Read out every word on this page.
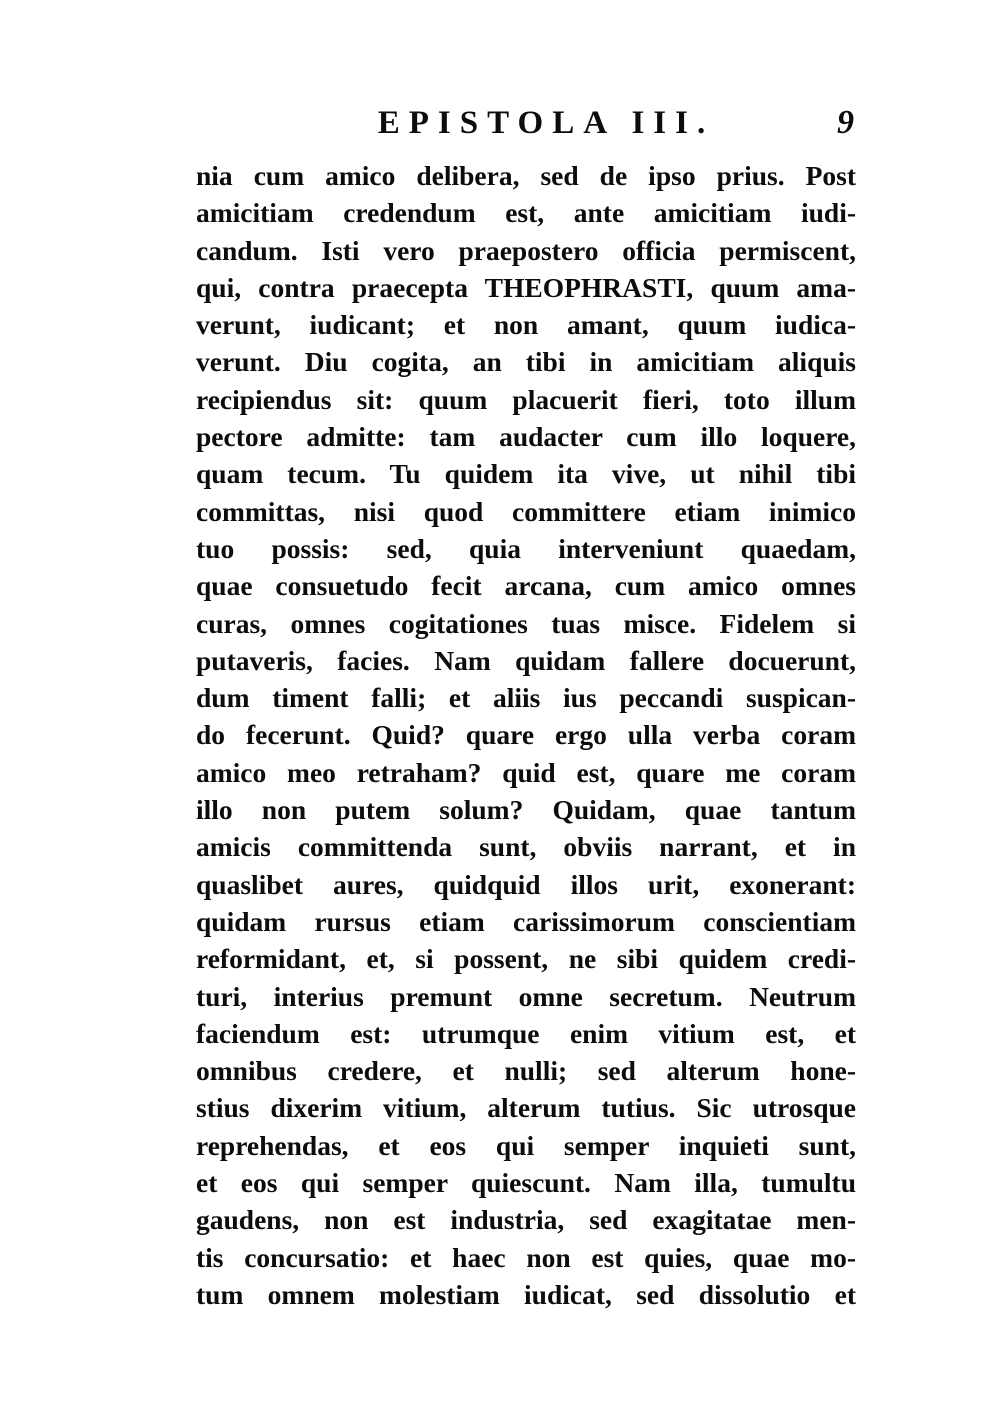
EPISTOLA III.	9
nia cum amico delibera, sed de ipso prius. Post
amicitiam credendum est, ante amicitiam iudi-
candum. Isti vero praepostero officia permiscent,
qui, contra praecepta THEOPHRASTI, quum ama-
verunt, iudicant; et non amant, quum iudica-
verunt. Diu cogita, an tibi in amicitiam aliquis
recipiendus sit: quum placuerit fieri, toto illum
pectore admitte: tam audacter cum illo loquere,
quam tecum. Tu quidem ita vive, ut nihil tibi
committas, nisi quod committere etiam inimico
tuo possis: sed, quia interveniunt quaedam,
quae consuetudo fecit arcana, cum amico omnes
curas, omnes cogitationes tuas misce. Fidelem si
putaveris, facies. Nam quidam fallere docuerunt,
dum timent falli; et aliis ius peccandi suspican-
do fecerunt. Quid? quare ergo ulla verba coram
amico meo retraham? quid est, quare me coram
illo non putem solum? Quidam, quae tantum
amicis committenda sunt, obviis narrant, et in
quaslibet aures, quidquid illos urit, exonerant:
quidam rursus etiam carissimorum conscientiam
reformidant, et, si possent, ne sibi quidem credi-
turi, interius premunt omne secretum. Neutrum
faciendum est: utrumque enim vitium est, et
omnibus credere, et nulli; sed alterum hone-
stius dixerim vitium, alterum tutius. Sic utrosque
reprehendas, et eos qui semper inquieti sunt,
et eos qui semper quiescunt. Nam illa, tumultu
gaudens, non est industria, sed exagitatae men-
tis concursatio: et haec non est quies, quae mo-
tum omnem molestiam iudicat, sed dissolutio et
